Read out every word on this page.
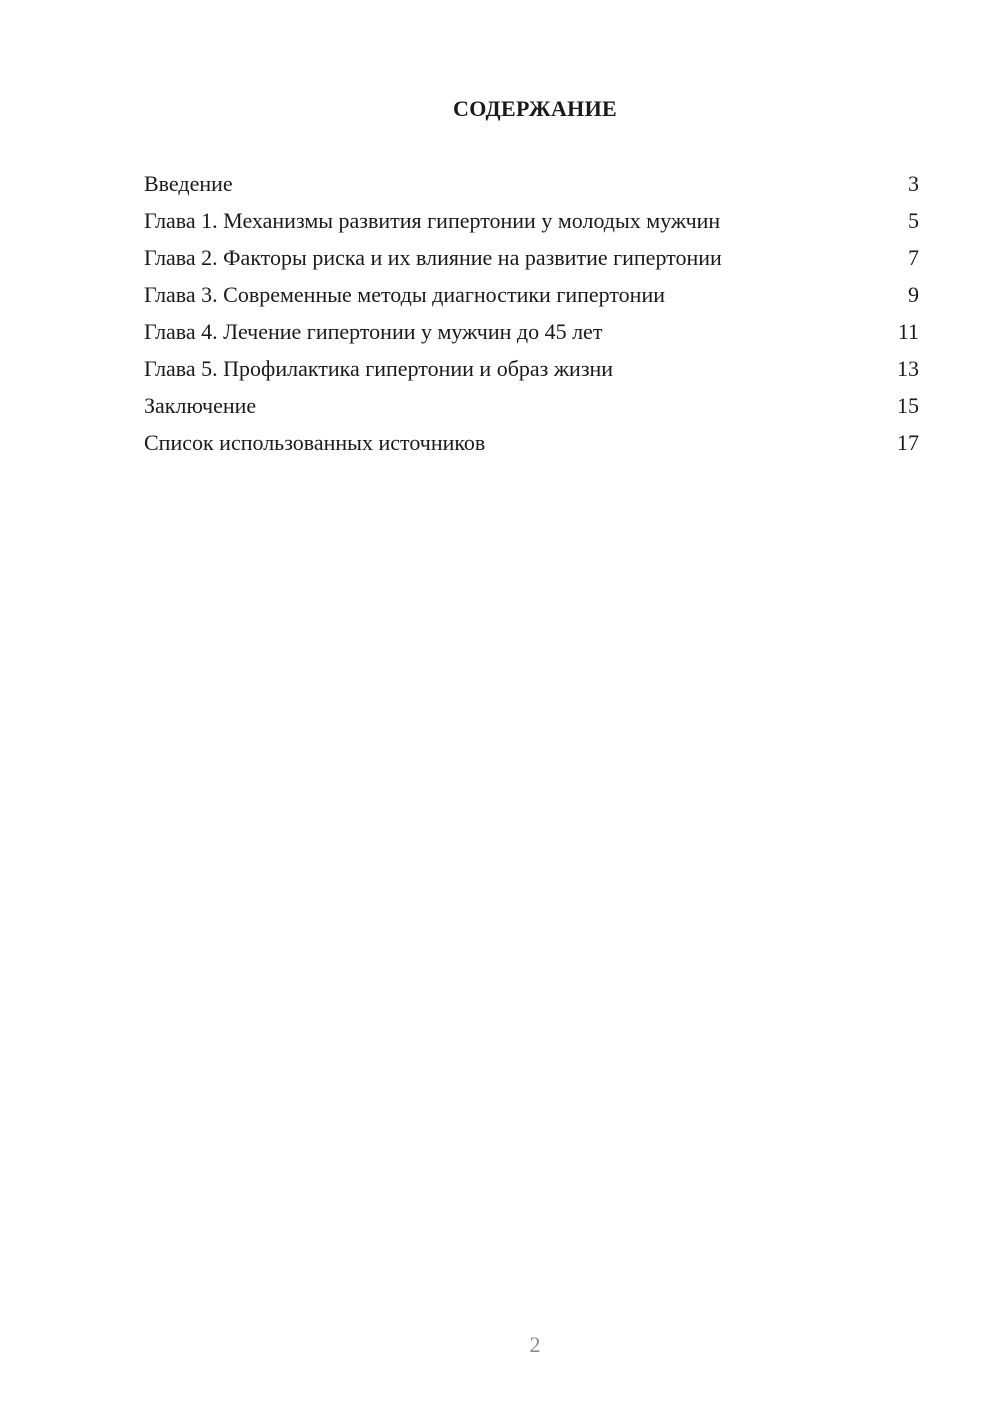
СОДЕРЖАНИЕ
Введение	3
Глава 1. Механизмы развития гипертонии у молодых мужчин	5
Глава 2. Факторы риска и их влияние на развитие гипертонии	7
Глава 3. Современные методы диагностики гипертонии	9
Глава 4. Лечение гипертонии у мужчин до 45 лет	11
Глава 5. Профилактика гипертонии и образ жизни	13
Заключение	15
Список использованных источников	17
2
